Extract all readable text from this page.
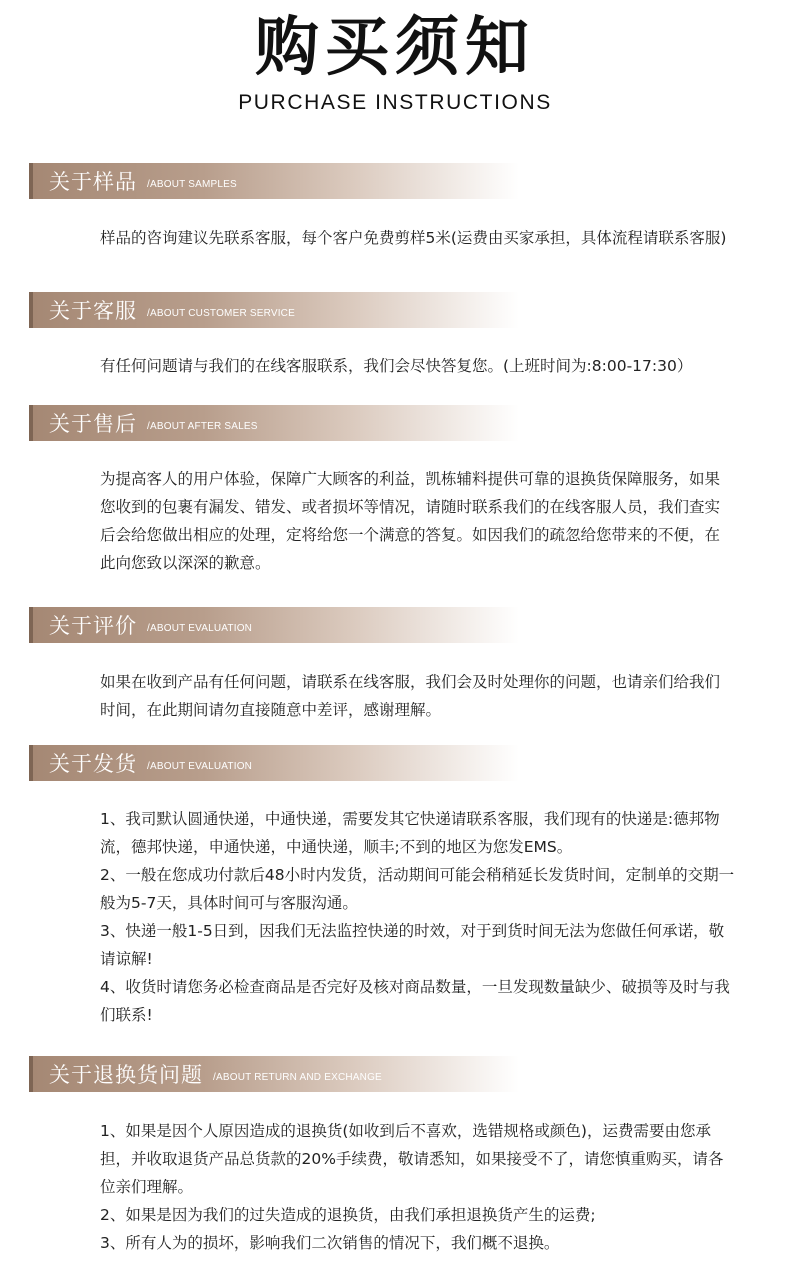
购买须知
PURCHASE INSTRUCTIONS
关于样品 /ABOUT SAMPLES

样品的咨询建议先联系客服，每个客户免费剪样5米(运费由买家承担，具体流程请联系客服)

关于客服 /ABOUT CUSTOMER SERVICE

有任何问题请与我们的在线客服联系，我们会尽快答复您。(上班时间为:8:00-17:30）

关于售后 /ABOUT AFTER SALES

为提高客人的用户体验，保障广大顾客的利益，凯栋辅料提供可靠的退换货保障服务，如果您收到的包裹有漏发、错发、或者损坏等情况，请随时联系我们的在线客服人员，我们查实后会给您做出相应的处理，定将给您一个满意的答复。如因我们的疏忽给您带来的不便，在此向您致以深深的歉意。

关于评价 /ABOUT EVALUATION

如果在收到产品有任何问题，请联系在线客服，我们会及时处理你的问题，也请亲们给我们时间，在此期间请勿直接随意中差评，感谢理解。

关于发货 /ABOUT EVALUATION

1、我司默认圆通快递，中通快递，需要发其它快递请联系客服，我们现有的快递是:德邦物流，德邦快递，申通快递，中通快递，顺丰;不到的地区为您发EMS。

2、一般在您成功付款后48小时内发货，活动期间可能会稍稍延长发货时间，定制单的交期一般为5-7天，具体时间可与客服沟通。

3、快递一般1-5日到，因我们无法监控快递的时效，对于到货时间无法为您做任何承诺，敬请谅解!

4、收货时请您务必检查商品是否完好及核对商品数量，一旦发现数量缺少、破损等及时与我们联系!

关于退换货问题 /ABOUT RETURN AND EXCHANGE

1、如果是因个人原因造成的退换货(如收到后不喜欢，选错规格或颜色)，运费需要由您承担，并收取退货产品总货款的20%手续费，敬请悉知，如果接受不了，请您慎重购买，请各位亲们理解。

2、如果是因为我们的过失造成的退换货，由我们承担退换货产生的运费;

3、所有人为的损坏，影响我们二次销售的情况下，我们概不退换。
